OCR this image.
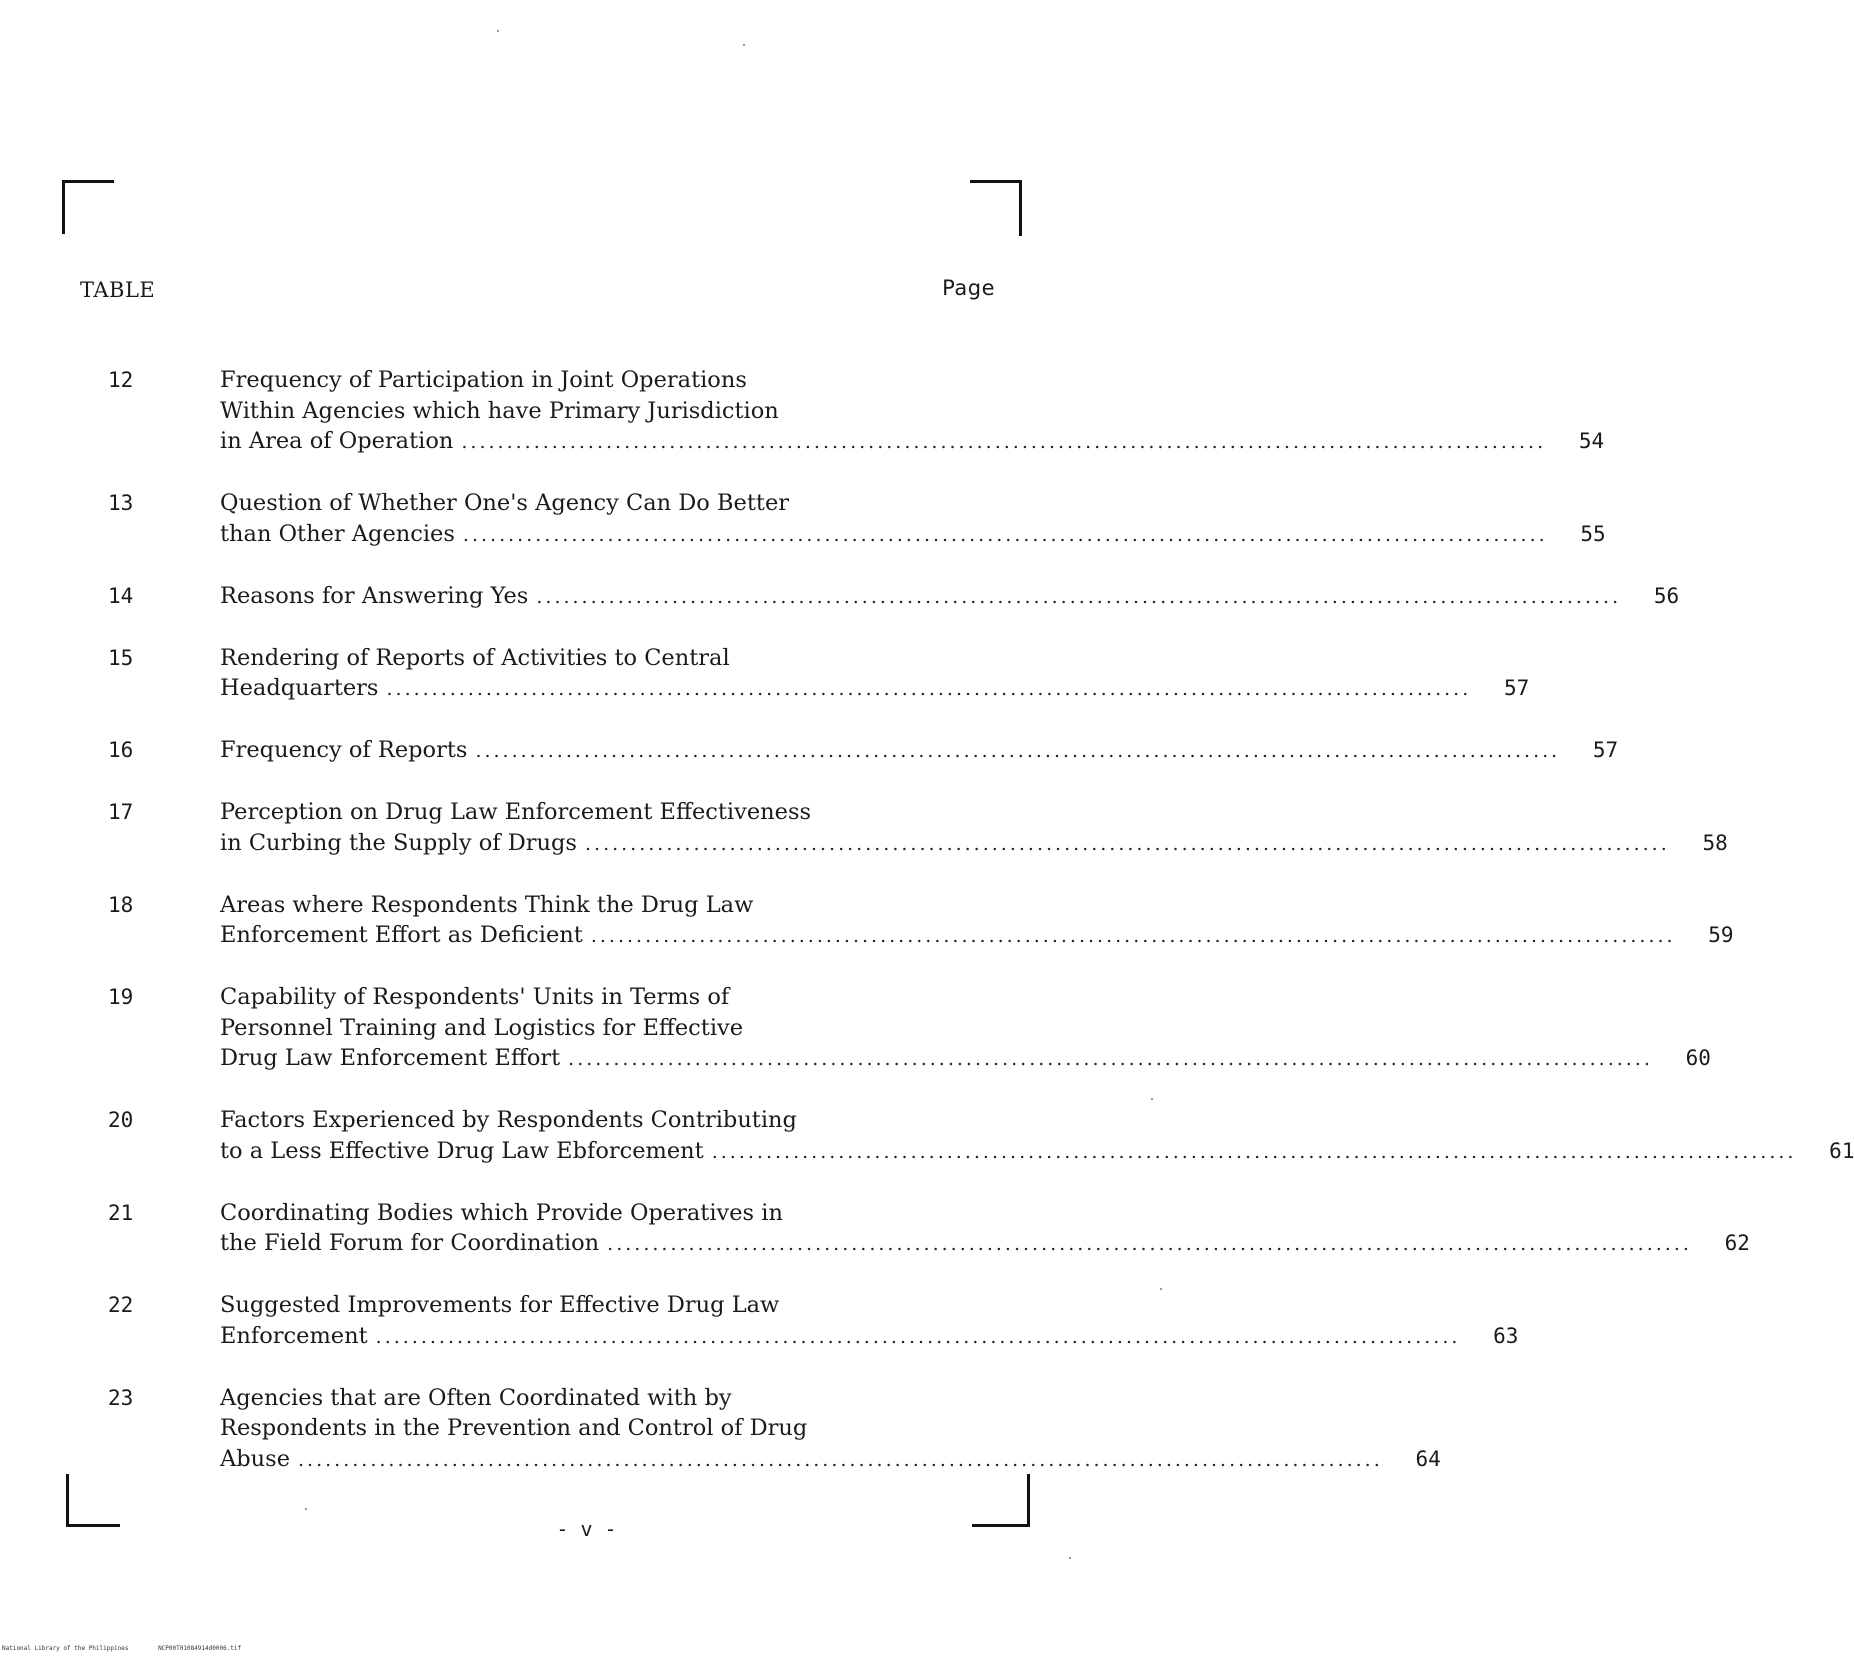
TABLE	Page
12	Frequency of Participation in Joint Operations
Within Agencies which have Primary Jurisdiction
in Area of Operation ........................................................................................................................	54
13	Question of Whether One's Agency Can Do Better
than Other Agencies ........................................................................................................................	55
14	Reasons for Answering Yes ........................................................................................................................	56
15	Rendering of Reports of Activities to Central
Headquarters ........................................................................................................................	57
16	Frequency of Reports ........................................................................................................................	57
17	Perception on Drug Law Enforcement Effectiveness
in Curbing the Supply of Drugs ........................................................................................................................	58
18	Areas where Respondents Think the Drug Law
Enforcement Effort as Deficient ........................................................................................................................	59
19	Capability of Respondents' Units in Terms of
Personnel Training and Logistics for Effective
Drug Law Enforcement Effort ........................................................................................................................	60
20	Factors Experienced by Respondents Contributing
to a Less Effective Drug Law Ebforcement ........................................................................................................................	61
21	Coordinating Bodies which Provide Operatives in
the Field Forum for Coordination ........................................................................................................................	62
22	Suggested Improvements for Effective Drug Law
Enforcement ........................................................................................................................	63
23	Agencies that are Often Coordinated with by
Respondents in the Prevention and Control of Drug
Abuse ........................................................................................................................	64
- v -
National Library of the Philippines	NCP00T01084914d0006.tif
